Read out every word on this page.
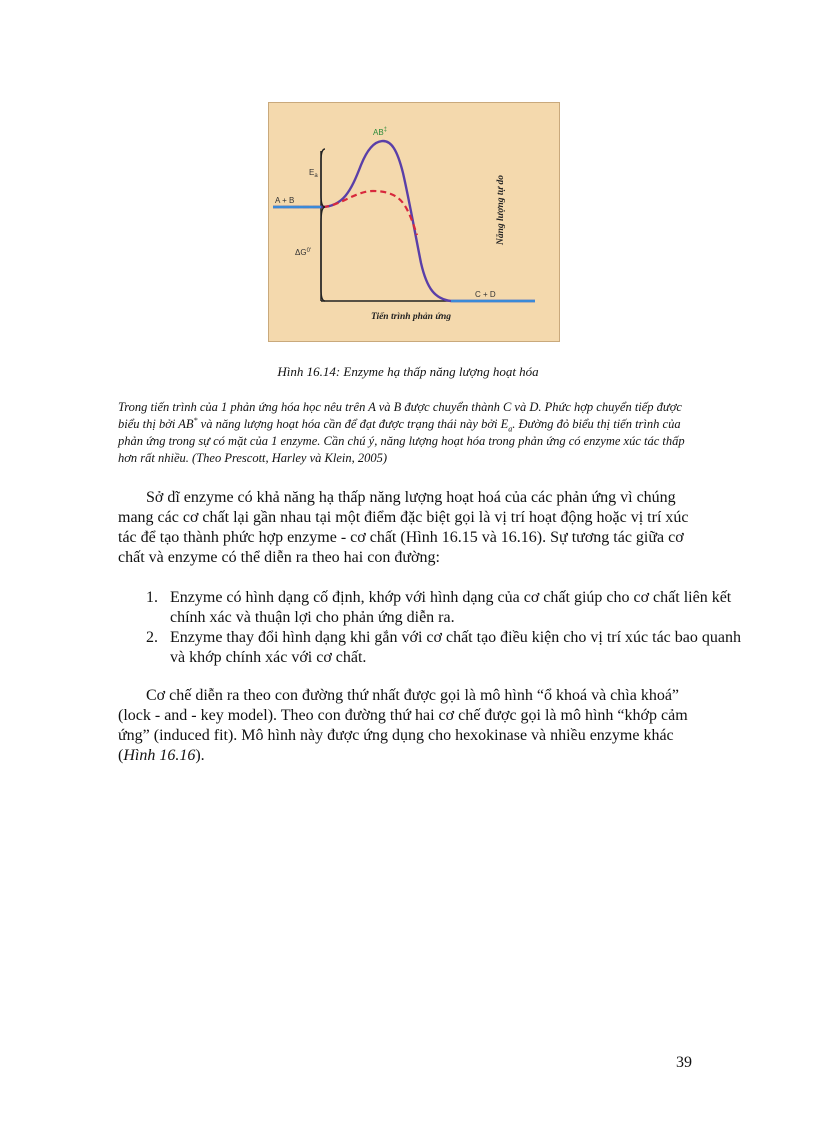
AB‡
$E_a$
A + B
$\Delta G^{0'}$
C + D
Năng lượng tự do
Tiến trình phản ứng
Hình 16.14: Enzyme hạ thấp năng lượng hoạt hóa
Trong tiến trình của 1 phản ứng hóa học nêu trên A và B được chuyển thành C và D. Phức hợp chuyển tiếp được biểu thị bởi AB* và năng lượng hoạt hóa cần để đạt được trạng thái này bởi $E_a$. Đường đỏ biểu thị tiến trình của phản ứng trong sự có mặt của 1 enzyme. Cần chú ý, năng lượng hoạt hóa trong phản ứng có enzyme xúc tác thấp hơn rất nhiều. (Theo Prescott, Harley và Klein, 2005)
Sở dĩ enzyme có khả năng hạ thấp năng lượng hoạt hoá của các phản ứng vì chúng mang các cơ chất lại gần nhau tại một điểm đặc biệt gọi là vị trí hoạt động hoặc vị trí xúc tác để tạo thành phức hợp enzyme - cơ chất (Hình 16.15 và 16.16). Sự tương tác giữa cơ chất và enzyme có thể diễn ra theo hai con đường:
1. Enzyme có hình dạng cố định, khớp với hình dạng của cơ chất giúp cho cơ chất liên kết chính xác và thuận lợi cho phản ứng diễn ra.
2. Enzyme thay đổi hình dạng khi gắn với cơ chất tạo điều kiện cho vị trí xúc tác bao quanh và khớp chính xác với cơ chất.
Cơ chế diễn ra theo con đường thứ nhất được gọi là mô hình “ổ khoá và chìa khoá” (lock - and - key model). Theo con đường thứ hai cơ chế được gọi là mô hình “khớp cảm ứng” (induced fit). Mô hình này được ứng dụng cho hexokinase và nhiều enzyme khác (Hình 16.16).
39
